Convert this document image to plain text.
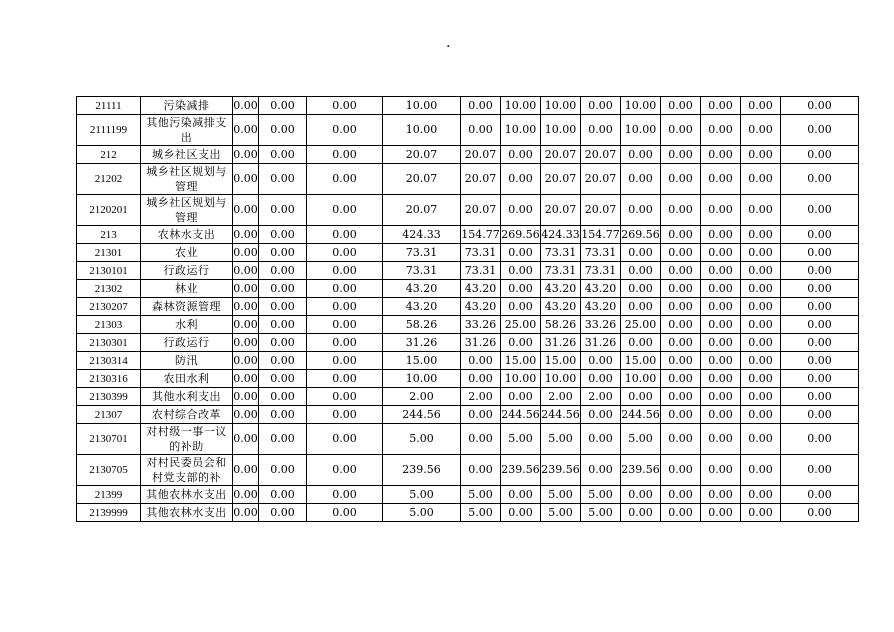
.
21111	污染减排	0.00	0.00	0.00	10.00	0.00	10.00	10.00	0.00	10.00	0.00	0.00	0.00	0.00
2111199	其他污染减排支出	0.00	0.00	0.00	10.00	0.00	10.00	10.00	0.00	10.00	0.00	0.00	0.00	0.00
212	城乡社区支出	0.00	0.00	0.00	20.07	20.07	0.00	20.07	20.07	0.00	0.00	0.00	0.00	0.00
21202	城乡社区规划与管理	0.00	0.00	0.00	20.07	20.07	0.00	20.07	20.07	0.00	0.00	0.00	0.00	0.00
2120201	城乡社区规划与管理	0.00	0.00	0.00	20.07	20.07	0.00	20.07	20.07	0.00	0.00	0.00	0.00	0.00
213	农林水支出	0.00	0.00	0.00	424.33	154.77	269.56	424.33	154.77	269.56	0.00	0.00	0.00	0.00
21301	农业	0.00	0.00	0.00	73.31	73.31	0.00	73.31	73.31	0.00	0.00	0.00	0.00	0.00
2130101	行政运行	0.00	0.00	0.00	73.31	73.31	0.00	73.31	73.31	0.00	0.00	0.00	0.00	0.00
21302	林业	0.00	0.00	0.00	43.20	43.20	0.00	43.20	43.20	0.00	0.00	0.00	0.00	0.00
2130207	森林资源管理	0.00	0.00	0.00	43.20	43.20	0.00	43.20	43.20	0.00	0.00	0.00	0.00	0.00
21303	水利	0.00	0.00	0.00	58.26	33.26	25.00	58.26	33.26	25.00	0.00	0.00	0.00	0.00
2130301	行政运行	0.00	0.00	0.00	31.26	31.26	0.00	31.26	31.26	0.00	0.00	0.00	0.00	0.00
2130314	防汛	0.00	0.00	0.00	15.00	0.00	15.00	15.00	0.00	15.00	0.00	0.00	0.00	0.00
2130316	农田水利	0.00	0.00	0.00	10.00	0.00	10.00	10.00	0.00	10.00	0.00	0.00	0.00	0.00
2130399	其他水利支出	0.00	0.00	0.00	2.00	2.00	0.00	2.00	2.00	0.00	0.00	0.00	0.00	0.00
21307	农村综合改革	0.00	0.00	0.00	244.56	0.00	244.56	244.56	0.00	244.56	0.00	0.00	0.00	0.00
2130701	对村级一事一议的补助	0.00	0.00	0.00	5.00	0.00	5.00	5.00	0.00	5.00	0.00	0.00	0.00	0.00
2130705	对村民委员会和村党支部的补	0.00	0.00	0.00	239.56	0.00	239.56	239.56	0.00	239.56	0.00	0.00	0.00	0.00
21399	其他农林水支出	0.00	0.00	0.00	5.00	5.00	0.00	5.00	5.00	0.00	0.00	0.00	0.00	0.00
2139999	其他农林水支出	0.00	0.00	0.00	5.00	5.00	0.00	5.00	5.00	0.00	0.00	0.00	0.00	0.00
